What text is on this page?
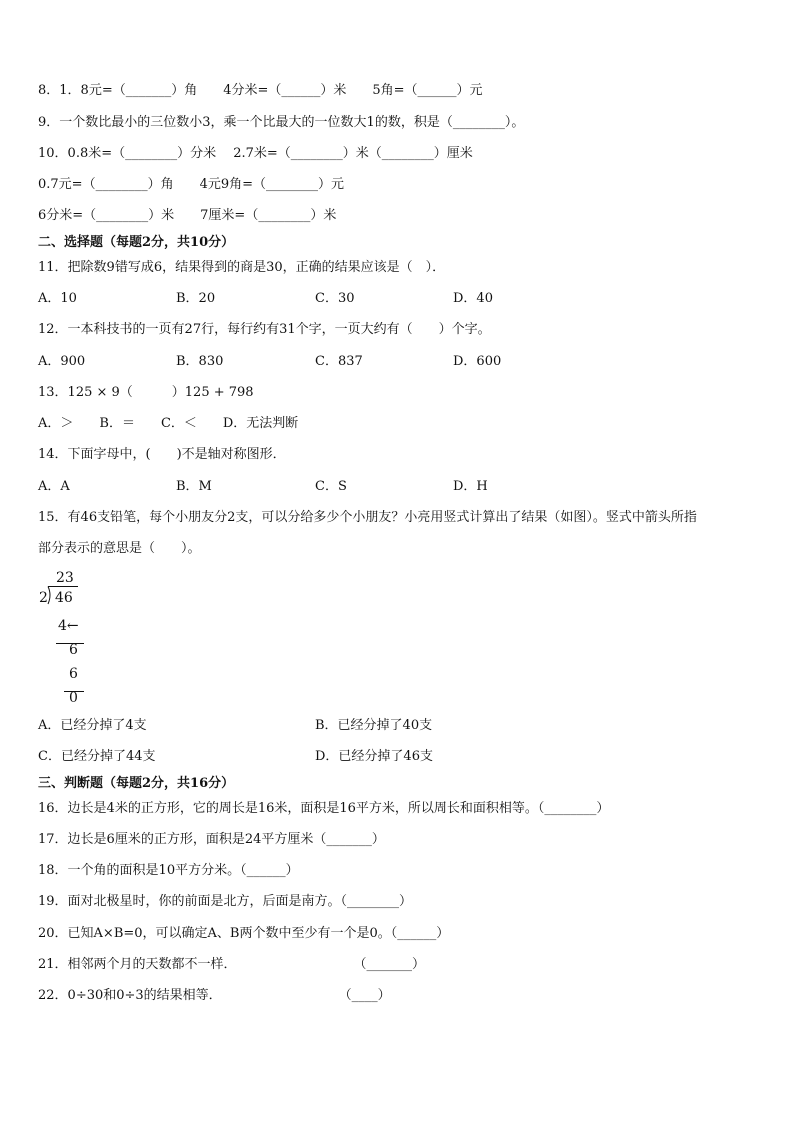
8．1．8元=（_______）角　　4分米=（______）米　　5角=（______）元
9．一个数比最小的三位数小3，乘一个比最大的一位数大1的数，积是（________）。
10．0.8米=（________）分米　 2.7米=（________）米（________）厘米
0.7元=（________）角　　4元9角=（________）元
6分米=（________）米　　7厘米=（________）米
二、选择题（每题2分，共10分）
11．把除数9错写成6，结果得到的商是30，正确的结果应该是（　）．
A．10	B．20	C．30	D．40
12．一本科技书的一页有27行，每行约有31个字，一页大约有（　　）个字。
A．900	B．830	C．837	D．600
13．125 × 9（　　　）125 + 798
A．＞　　B．＝　　C．＜　　D．无法判断
14．下面字母中，(　　)不是轴对称图形．
A．A	B．M	C．S	D．H
15．有46支铅笔，每个小朋友分2支，可以分给多少个小朋友？小亮用竖式计算出了结果（如图）。竖式中箭头所指
部分表示的意思是（　　）。
23
2 46
4←
6
6
0
A．已经分掉了4支	B．已经分掉了40支
C．已经分掉了44支	D．已经分掉了46支
三、判断题（每题2分，共16分）
16．边长是4米的正方形，它的周长是16米，面积是16平方米，所以周长和面积相等。（________）
17．边长是6厘米的正方形，面积是24平方厘米（_______）
18．一个角的面积是10平方分米。（______）
19．面对北极星时，你的前面是北方，后面是南方。（________）
20．已知A×B=0，可以确定A、B两个数中至少有一个是0。（______）
21．相邻两个月的天数都不一样．　　　　　　　　　　（_______）
22．0÷30和0÷3的结果相等．　　　　　　　　　　（____）
